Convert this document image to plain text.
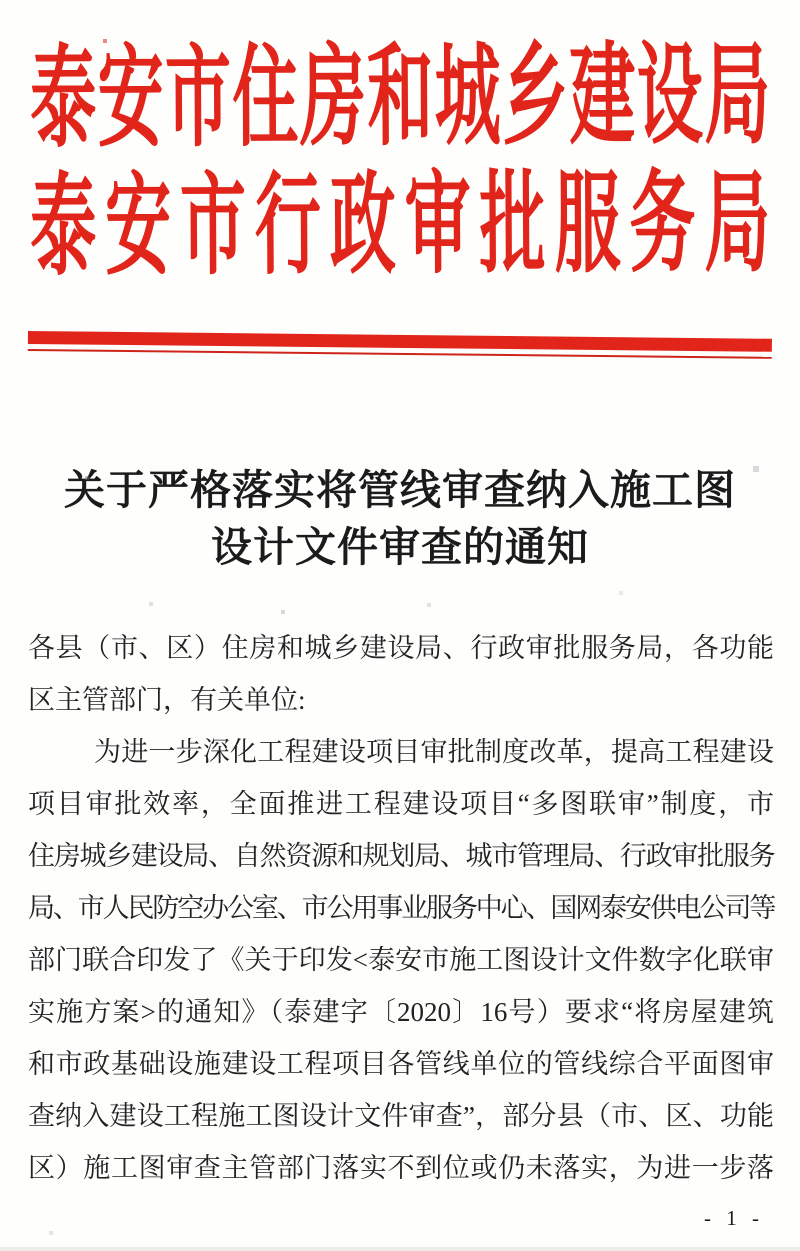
泰安市住房和城乡建设局
泰安市行政审批服务局
关于严格落实将管线审查纳入施工图
设计文件审查的通知
各县（市、区）住房和城乡建设局、行政审批服务局，各功能
区主管部门，有关单位:
为进一步深化工程建设项目审批制度改革，提高工程建设
项目审批效率，全面推进工程建设项目“多图联审”制度，市
住房城乡建设局、自然资源和规划局、城市管理局、行政审批服务
局、市人民防空办公室、市公用事业服务中心、国网泰安供电公司等
部门联合印发了《关于印发<泰安市施工图设计文件数字化联审
实施方案>的通知》（泰建字〔2020〕16号）要求“将房屋建筑
和市政基础设施建设工程项目各管线单位的管线综合平面图审
查纳入建设工程施工图设计文件审查”，部分县（市、区、功能
区）施工图审查主管部门落实不到位或仍未落实，为进一步落
- 1 -
